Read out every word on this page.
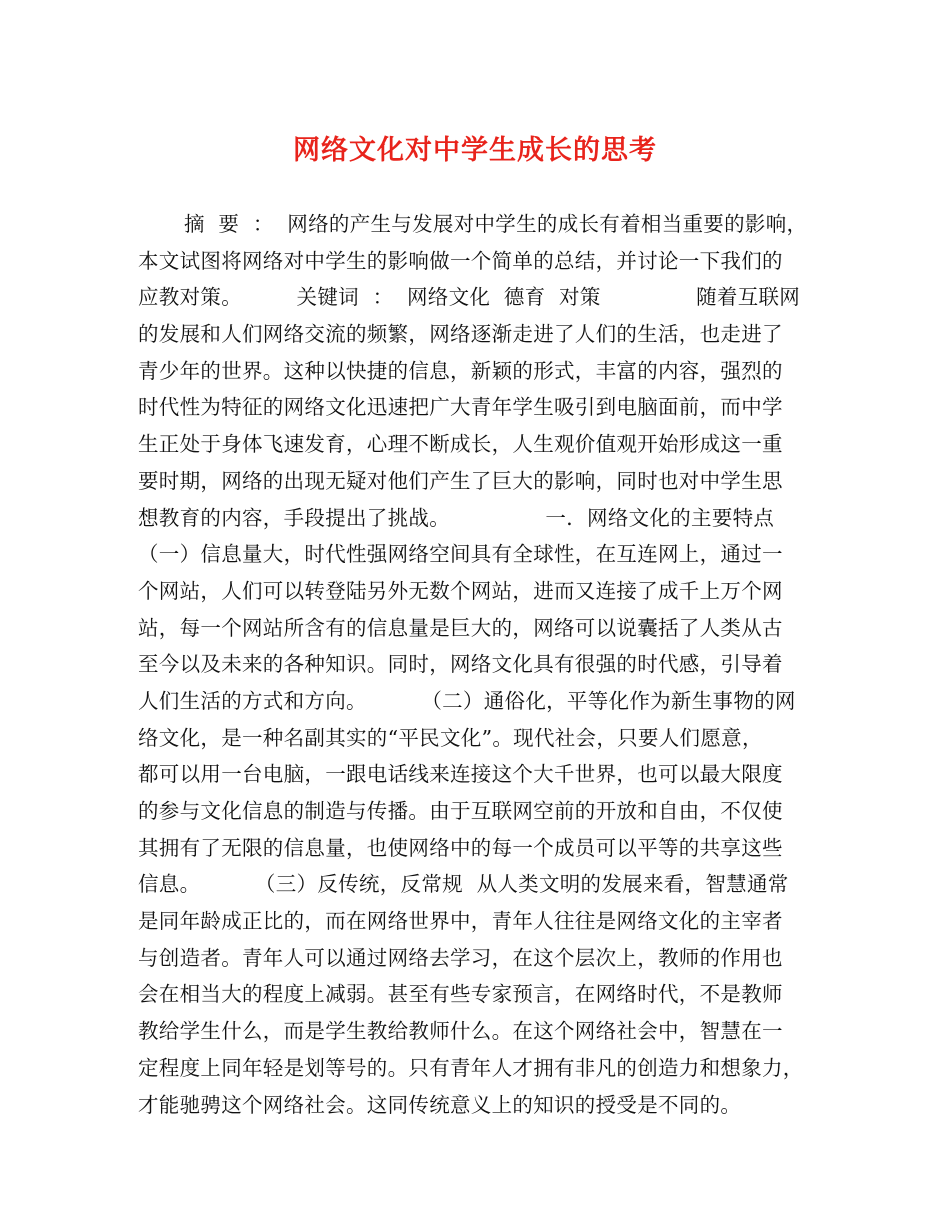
网络文化对中学生成长的思考
摘  要  ：  网络的产生与发展对中学生的成长有着相当重要的影响，
本文试图将网络对中学生的影响做一个简单的总结，并讨论一下我们的
应教对策。        关键词  ：  网络文化  德育  对策              随着互联网
的发展和人们网络交流的频繁，网络逐渐走进了人们的生活，也走进了
青少年的世界。这种以快捷的信息，新颖的形式，丰富的内容，强烈的
时代性为特征的网络文化迅速把广大青年学生吸引到电脑面前，而中学
生正处于身体飞速发育，心理不断成长，人生观价值观开始形成这一重
要时期，网络的出现无疑对他们产生了巨大的影响，同时也对中学生思
想教育的内容，手段提出了挑战。              一．网络文化的主要特点
（一）信息量大，时代性强网络空间具有全球性，在互连网上，通过一
个网站，人们可以转登陆另外无数个网站，进而又连接了成千上万个网
站，每一个网站所含有的信息量是巨大的，网络可以说囊括了人类从古
至今以及未来的各种知识。同时，网络文化具有很强的时代感，引导着
人们生活的方式和方向。        （二）通俗化，平等化作为新生事物的网
络文化，是一种名副其实的“平民文化”。现代社会，只要人们愿意，
都可以用一台电脑，一跟电话线来连接这个大千世界，也可以最大限度
的参与文化信息的制造与传播。由于互联网空前的开放和自由，不仅使
其拥有了无限的信息量，也使网络中的每一个成员可以平等的共享这些
信息。        （三）反传统，反常规  从人类文明的发展来看，智慧通常
是同年龄成正比的，而在网络世界中，青年人往往是网络文化的主宰者
与创造者。青年人可以通过网络去学习，在这个层次上，教师的作用也
会在相当大的程度上减弱。甚至有些专家预言，在网络时代，不是教师
教给学生什么，而是学生教给教师什么。在这个网络社会中，智慧在一
定程度上同年轻是划等号的。只有青年人才拥有非凡的创造力和想象力，
才能驰骋这个网络社会。这同传统意义上的知识的授受是不同的。
